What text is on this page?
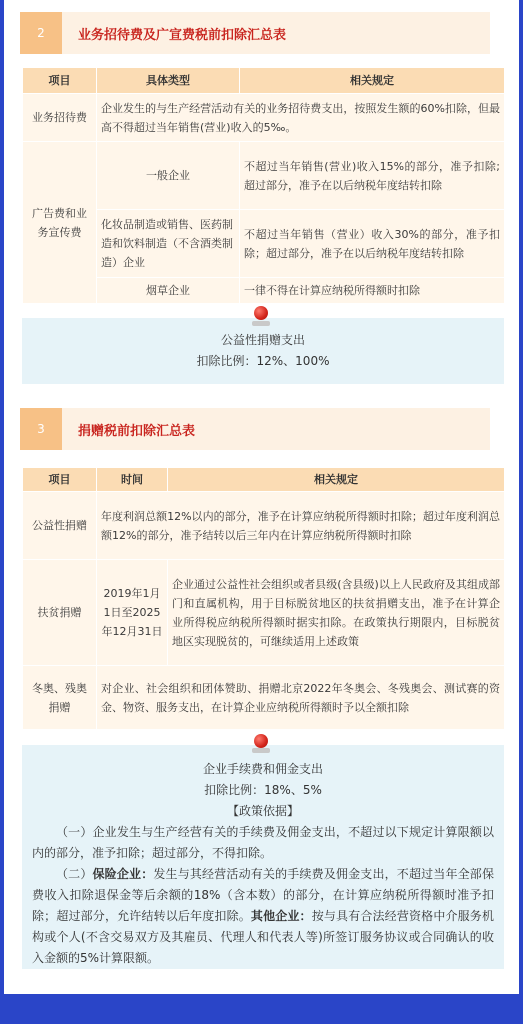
2	业务招待费及广宣费税前扣除汇总表
项目	具体类型	相关规定
业务招待费	企业发生的与生产经营活动有关的业务招待费支出，按照发生额的60%扣除，但最高不得超过当年销售(营业)收入的5‰。	
广告费和业务宣传费	一般企业	不超过当年销售(营业)收入15%的部分，准予扣除;超过部分，准予在以后纳税年度结转扣除
	化妆品制造或销售、医药制造和饮料制造（不含酒类制造）企业	不超过当年销售（营业）收入30%的部分，准予扣除；超过部分，准予在以后纳税年度结转扣除
	烟草企业	一律不得在计算应纳税所得额时扣除
公益性捐赠支出
扣除比例：12%、100%
3	捐赠税前扣除汇总表
项目	时间	相关规定
公益性捐赠	年度利润总额12%以内的部分，准予在计算应纳税所得额时扣除；超过年度利润总额12%的部分，准予结转以后三年内在计算应纳税所得额时扣除	
扶贫捐赠	2019年1月1日至2025年12月31日	企业通过公益性社会组织或者县级(含县级)以上人民政府及其组成部门和直属机构，用于目标脱贫地区的扶贫捐赠支出，准予在计算企业所得税应纳税所得额时据实扣除。在政策执行期限内，目标脱贫地区实现脱贫的，可继续适用上述政策
冬奥、残奥捐赠	对企业、社会组织和团体赞助、捐赠北京2022年冬奥会、冬残奥会、测试赛的资金、物资、服务支出，在计算企业应纳税所得额时予以全额扣除	
企业手续费和佣金支出
扣除比例：18%、5%
【政策依据】

（一）企业发生与生产经营有关的手续费及佣金支出，不超过以下规定计算限额以内的部分，准予扣除；超过部分，不得扣除。

（二）保险企业：发生与其经营活动有关的手续费及佣金支出，不超过当年全部保费收入扣除退保金等后余额的18%（含本数）的部分，在计算应纳税所得额时准予扣除；超过部分，允许结转以后年度扣除。其他企业：按与具有合法经营资格中介服务机构或个人(不含交易双方及其雇员、代理人和代表人等)所签订服务协议或合同确认的收入金额的5%计算限额。
